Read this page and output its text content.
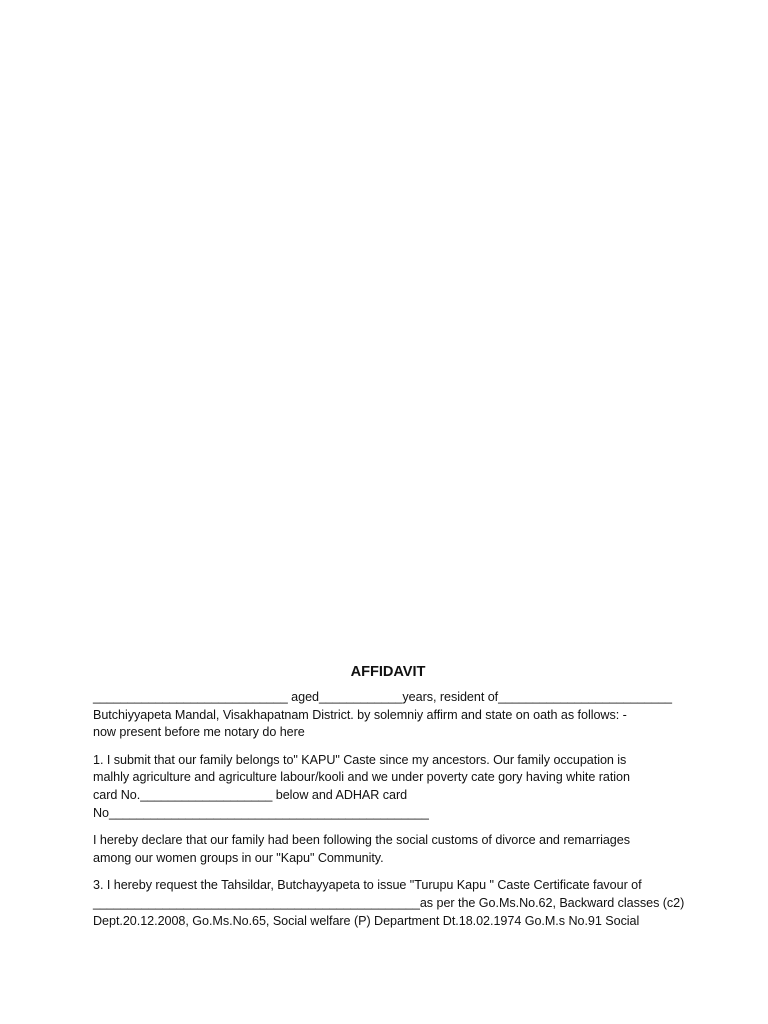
AFFIDAVIT
____________________________ aged____________years, resident of_________________________
Butchiyyapeta Mandal, Visakhapatnam District. by solemniy affirm and state on oath as follows: -
now present before me notary do here
1. I submit that our family belongs to" KAPU" Caste since my ancestors. Our family occupation is
malhly agriculture and agriculture labour/kooli and we under poverty cate gory having white ration
card No.___________________ below and ADHAR card
No______________________________________________
I hereby declare that our family had been following the social customs of divorce and remarriages
among our women groups in our "Kapu" Community.
3. I hereby request the Tahsildar, Butchayyapeta to issue "Turupu Kapu " Caste Certificate favour of
_______________________________________________as per the Go.Ms.No.62, Backward classes (c2)
Dept.20.12.2008, Go.Ms.No.65, Social welfare (P) Department Dt.18.02.1974 Go.M.s No.91 Social
